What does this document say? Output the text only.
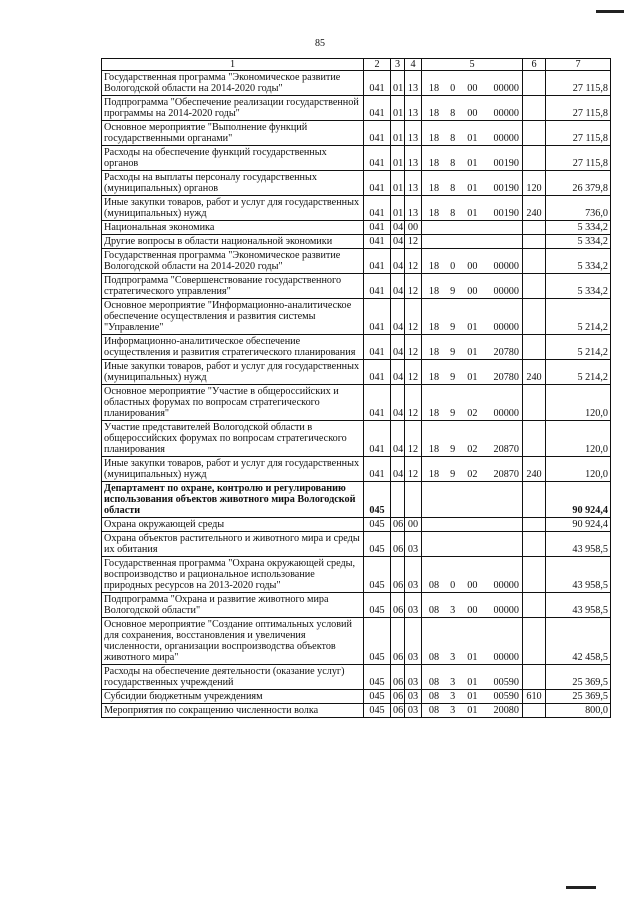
85
1	2	3	4	5	6	7
Государственная программа "Экономическое развитие Вологодской области на 2014-2020 годы"	041	01	13	18 0 00 00000		27 115,8
Подпрограмма "Обеспечение реализации государственной программы на 2014-2020 годы"	041	01	13	18 8 00 00000		27 115,8
Основное мероприятие "Выполнение функций государственными органами"	041	01	13	18 8 01 00000		27 115,8
Расходы на обеспечение функций государственных органов	041	01	13	18 8 01 00190		27 115,8
Расходы на выплаты персоналу государственных (муниципальных) органов	041	01	13	18 8 01 00190	120	26 379,8
Иные закупки товаров, работ и услуг для государственных (муниципальных) нужд	041	01	13	18 8 01 00190	240	736,0
Национальная экономика	041	04	00			5 334,2
Другие вопросы в области национальной экономики	041	04	12			5 334,2
Государственная программа "Экономическое развитие Вологодской области на 2014-2020 годы"	041	04	12	18 0 00 00000		5 334,2
Подпрограмма "Совершенствование государственного стратегического управления"	041	04	12	18 9 00 00000		5 334,2
Основное мероприятие "Информационно-аналитическое обеспечение осуществления и развития системы "Управление"	041	04	12	18 9 01 00000		5 214,2
Информационно-аналитическое обеспечение осуществления и развития стратегического планирования	041	04	12	18 9 01 20780		5 214,2
Иные закупки товаров, работ и услуг для государственных (муниципальных) нужд	041	04	12	18 9 01 20780	240	5 214,2
Основное мероприятие "Участие в общероссийских и областных форумах по вопросам стратегического планирования"	041	04	12	18 9 02 00000		120,0
Участие представителей Вологодской области в общероссийских форумах по вопросам стратегического планирования	041	04	12	18 9 02 20870		120,0
Иные закупки товаров, работ и услуг для государственных (муниципальных) нужд	041	04	12	18 9 02 20870	240	120,0
Департамент по охране, контролю и регулированию использования объектов животного мира Вологодской области	045					90 924,4
Охрана окружающей среды	045	06	00			90 924,4
Охрана объектов растительного и животного мира и среды их обитания	045	06	03			43 958,5
Государственная программа "Охрана окружающей среды, воспроизводство и рациональное использование природных ресурсов на 2013-2020 годы"	045	06	03	08 0 00 00000		43 958,5
Подпрограмма "Охрана и развитие животного мира Вологодской области"	045	06	03	08 3 00 00000		43 958,5
Основное мероприятие "Создание оптимальных условий для сохранения, восстановления и увеличения численности, организации воспроизводства объектов животного мира"	045	06	03	08 3 01 00000		42 458,5
Расходы на обеспечение деятельности (оказание услуг) государственных учреждений	045	06	03	08 3 01 00590		25 369,5
Субсидии бюджетным учреждениям	045	06	03	08 3 01 00590	610	25 369,5
Мероприятия по сокращению численности волка	045	06	03	08 3 01 20080		800,0
